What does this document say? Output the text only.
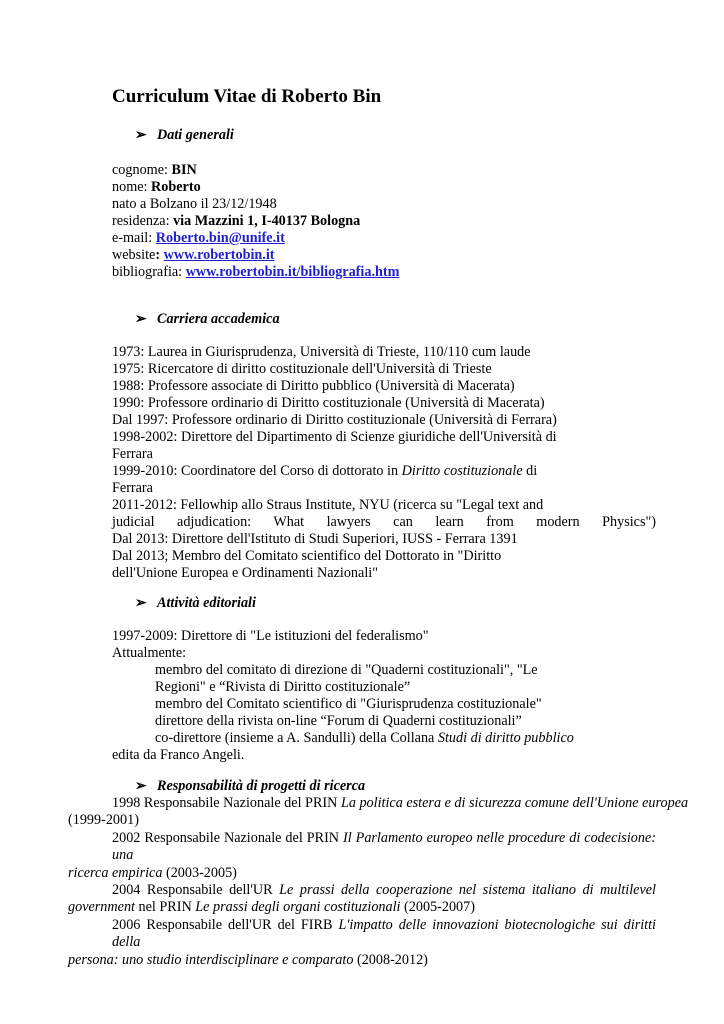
Curriculum Vitae di Roberto Bin
➢ Dati generali
cognome: BIN
nome: Roberto
nato a Bolzano il 23/12/1948
residenza: via Mazzini 1, I-40137 Bologna
e-mail: Roberto.bin@unife.it
website: www.robertobin.it
bibliografia: www.robertobin.it/bibliografia.htm
➢ Carriera accademica
1973: Laurea in Giurisprudenza, Università di Trieste, 110/110 cum laude
1975: Ricercatore di diritto costituzionale dell'Università di Trieste
1988: Professore associate di Diritto pubblico (Università di Macerata)
1990: Professore ordinario di Diritto costituzionale (Università di Macerata)
Dal 1997: Professore ordinario di Diritto costituzionale (Università di Ferrara)
1998-2002: Direttore del Dipartimento di Scienze giuridiche dell'Università di
Ferrara
1999-2010: Coordinatore del Corso di dottorato in Diritto costituzionale di
Ferrara
2011-2012: Fellowhip allo Straus Institute, NYU (ricerca su "Legal text and
judicial adjudication: What lawyers can learn from modern Physics")
Dal 2013: Direttore dell'Istituto di Studi Superiori, IUSS - Ferrara 1391
Dal 2013; Membro del Comitato scientifico del Dottorato in "Diritto
dell'Unione Europea e Ordinamenti Nazionali"
➢ Attività editoriali
1997-2009: Direttore di "Le istituzioni del federalismo"
Attualmente:
membro del comitato di direzione di "Quaderni costituzionali", "Le
Regioni" e “Rivista di Diritto costituzionale”
membro del Comitato scientifico di "Giurisprudenza costituzionale"
direttore della rivista on-line “Forum di Quaderni costituzionali”
co-direttore (insieme a A. Sandulli) della Collana Studi di diritto pubblico
edita da Franco Angeli.
➢ Responsabilità di progetti di ricerca
1998 Responsabile Nazionale del PRIN La politica estera e di sicurezza comune dell'Unione europea
(1999-2001)
2002 Responsabile Nazionale del PRIN Il Parlamento europeo nelle procedure di codecisione: una
ricerca empirica (2003-2005)
2004 Responsabile dell'UR Le prassi della cooperazione nel sistema italiano di multilevel
government nel PRIN Le prassi degli organi costituzionali (2005-2007)
2006 Responsabile dell'UR del FIRB L'impatto delle innovazioni biotecnologiche sui diritti della
persona: uno studio interdisciplinare e comparato (2008-2012)
